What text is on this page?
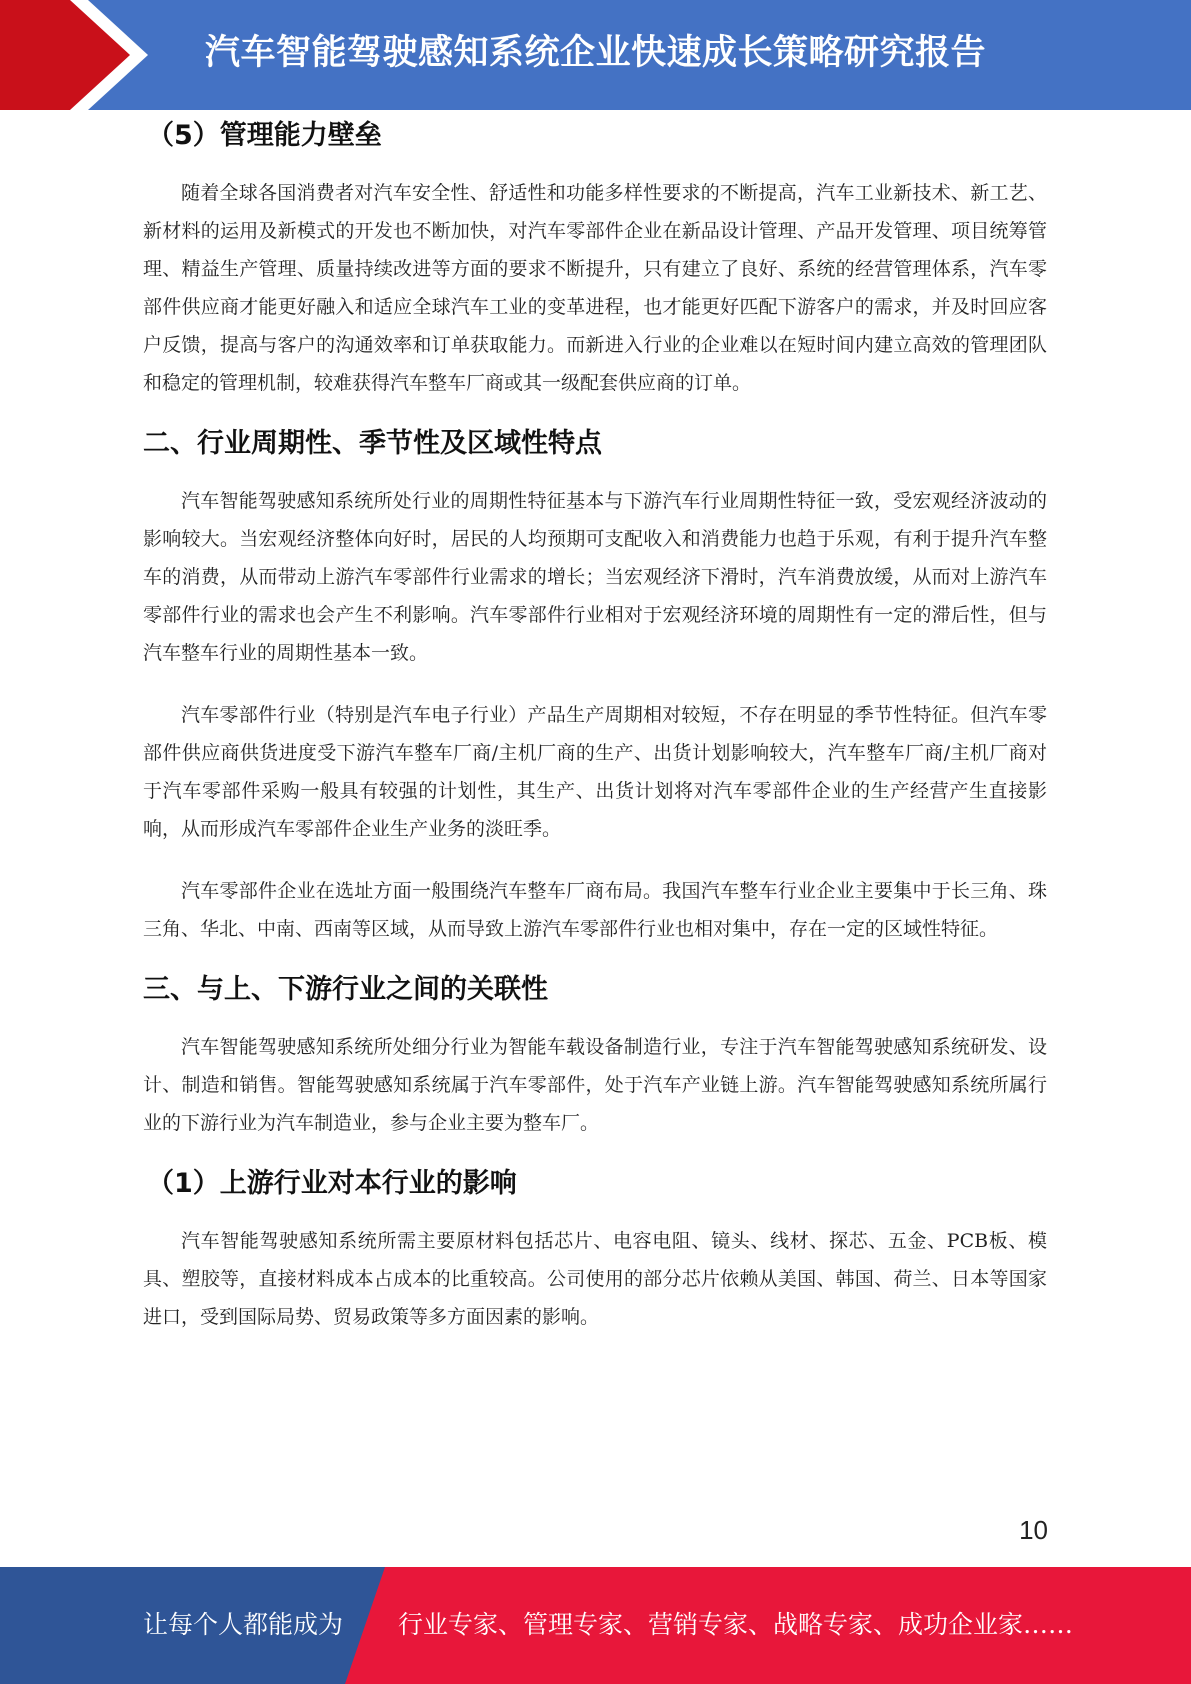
汽车智能驾驶感知系统企业快速成长策略研究报告
（5）管理能力壁垒

随着全球各国消费者对汽车安全性、舒适性和功能多样性要求的不断提高，汽车工业新技术、新工艺、新材料的运用及新模式的开发也不断加快，对汽车零部件企业在新品设计管理、产品开发管理、项目统筹管理、精益生产管理、质量持续改进等方面的要求不断提升，只有建立了良好、系统的经营管理体系，汽车零部件供应商才能更好融入和适应全球汽车工业的变革进程，也才能更好匹配下游客户的需求，并及时回应客户反馈，提高与客户的沟通效率和订单获取能力。而新进入行业的企业难以在短时间内建立高效的管理团队和稳定的管理机制，较难获得汽车整车厂商或其一级配套供应商的订单。

二、行业周期性、季节性及区域性特点

汽车智能驾驶感知系统所处行业的周期性特征基本与下游汽车行业周期性特征一致，受宏观经济波动的影响较大。当宏观经济整体向好时，居民的人均预期可支配收入和消费能力也趋于乐观，有利于提升汽车整车的消费，从而带动上游汽车零部件行业需求的增长；当宏观经济下滑时，汽车消费放缓，从而对上游汽车零部件行业的需求也会产生不利影响。汽车零部件行业相对于宏观经济环境的周期性有一定的滞后性，但与汽车整车行业的周期性基本一致。

汽车零部件行业（特别是汽车电子行业）产品生产周期相对较短，不存在明显的季节性特征。但汽车零部件供应商供货进度受下游汽车整车厂商/主机厂商的生产、出货计划影响较大，汽车整车厂商/主机厂商对于汽车零部件采购一般具有较强的计划性，其生产、出货计划将对汽车零部件企业的生产经营产生直接影响，从而形成汽车零部件企业生产业务的淡旺季。

汽车零部件企业在选址方面一般围绕汽车整车厂商布局。我国汽车整车行业企业主要集中于长三角、珠三角、华北、中南、西南等区域，从而导致上游汽车零部件行业也相对集中，存在一定的区域性特征。

三、与上、下游行业之间的关联性

汽车智能驾驶感知系统所处细分行业为智能车载设备制造行业，专注于汽车智能驾驶感知系统研发、设计、制造和销售。智能驾驶感知系统属于汽车零部件，处于汽车产业链上游。汽车智能驾驶感知系统所属行业的下游行业为汽车制造业，参与企业主要为整车厂。

（1）上游行业对本行业的影响

汽车智能驾驶感知系统所需主要原材料包括芯片、电容电阻、镜头、线材、探芯、五金、PCB板、模具、塑胶等，直接材料成本占成本的比重较高。公司使用的部分芯片依赖从美国、韩国、荷兰、日本等国家进口，受到国际局势、贸易政策等多方面因素的影响。

10
让每个人都能成为 行业专家、管理专家、营销专家、战略专家、成功企业家……
